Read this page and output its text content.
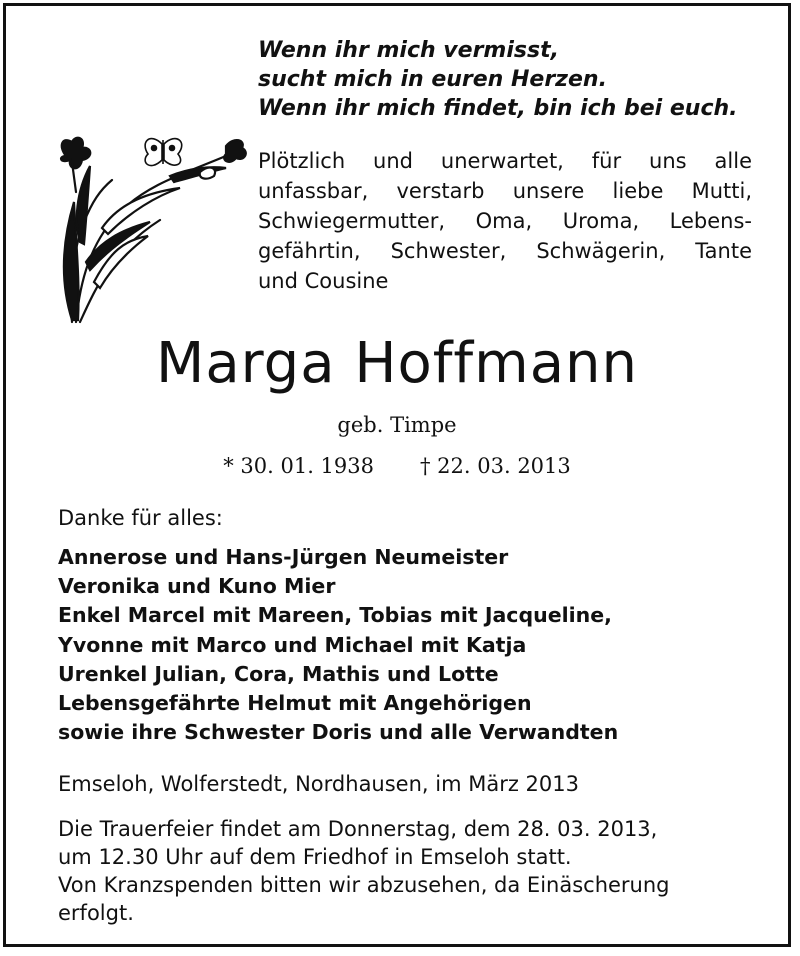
Wenn ihr mich vermisst,
sucht mich in euren Herzen.
Wenn ihr mich findet, bin ich bei euch.
Plötzlich und unerwartet, für uns alle
unfassbar, verstarb unsere liebe Mutti,
Schwiegermutter, Oma, Uroma, Lebens-
gefährtin, Schwester, Schwägerin, Tante
und Cousine
Marga Hoffmann
geb. Timpe
* 30. 01. 1938 † 22. 03. 2013
Danke für alles:
Annerose und Hans-Jürgen Neumeister
Veronika und Kuno Mier
Enkel Marcel mit Mareen, Tobias mit Jacqueline,
Yvonne mit Marco und Michael mit Katja
Urenkel Julian, Cora, Mathis und Lotte
Lebensgefährte Helmut mit Angehörigen
sowie ihre Schwester Doris und alle Verwandten
Emseloh, Wolferstedt, Nordhausen, im März 2013
Die Trauerfeier findet am Donnerstag, dem 28. 03. 2013,
um 12.30 Uhr auf dem Friedhof in Emseloh statt.
Von Kranzspenden bitten wir abzusehen, da Einäscherung
erfolgt.
